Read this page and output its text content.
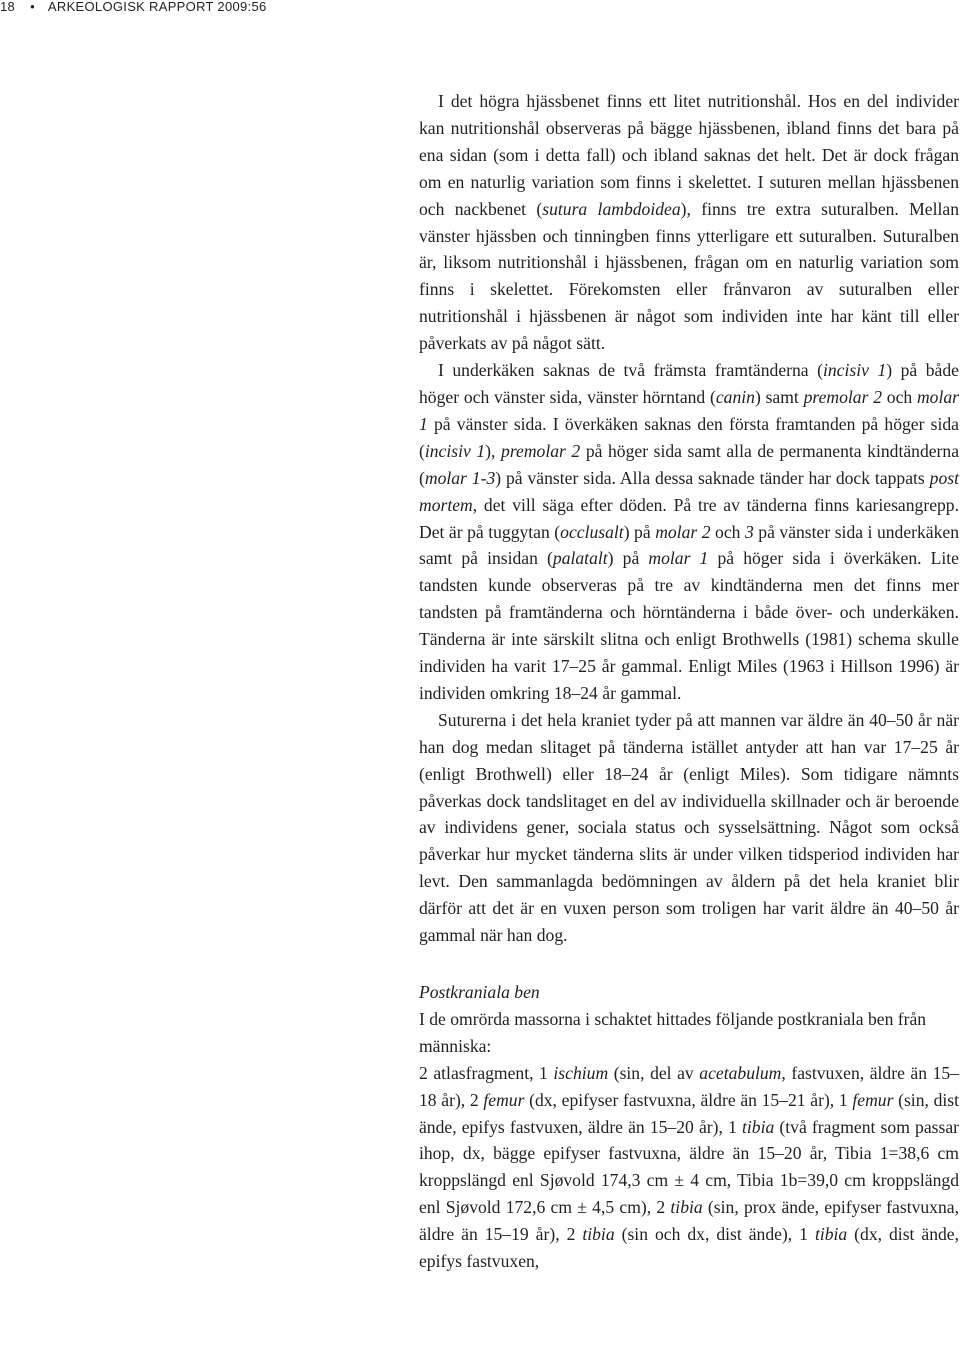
18 • ARKEOLOGISK RAPPORT 2009:56

I det högra hjässbenet finns ett litet nutritionshål. Hos en del individer kan nutritionshål observeras på bägge hjässbenen, ibland finns det bara på ena sidan (som i detta fall) och ibland saknas det helt. Det är dock frågan om en naturlig variation som finns i skelettet. I suturen mellan hjässbenen och nackbenet (sutura lambdoidea), finns tre extra suturalben. Mellan vänster hjässben och tinningben finns ytterligare ett suturalben. Suturalben är, liksom nutritionshål i hjässbenen, frågan om en naturlig variation som finns i skelettet. Förekomsten eller frånvaron av suturalben eller nutritionshål i hjässbenen är något som individen inte har känt till eller påverkats av på något sätt.

I underkäken saknas de två främsta framtänderna (incisiv 1) på både höger och vänster sida, vänster hörntand (canin) samt premolar 2 och molar 1 på vänster sida. I överkäken saknas den första framtanden på höger sida (incisiv 1), premolar 2 på höger sida samt alla de permanenta kindtänderna (molar 1-3) på vänster sida. Alla dessa saknade tänder har dock tappats post mortem, det vill säga efter döden. På tre av tänderna finns kariesangrepp. Det är på tuggytan (occlusalt) på molar 2 och 3 på vänster sida i underkäken samt på insidan (palatalt) på molar 1 på höger sida i överkäken. Lite tandsten kunde observeras på tre av kindtänderna men det finns mer tandsten på framtänderna och hörntänderna i både över- och underkäken. Tänderna är inte särskilt slitna och enligt Brothwells (1981) schema skulle individen ha varit 17–25 år gammal. Enligt Miles (1963 i Hillson 1996) är individen omkring 18–24 år gammal.

Suturerna i det hela kraniet tyder på att mannen var äldre än 40–50 år när han dog medan slitaget på tänderna istället antyder att han var 17–25 år (enligt Brothwell) eller 18–24 år (enligt Miles). Som tidigare nämnts påverkas dock tandslitaget en del av individuella skillnader och är beroende av individens gener, sociala status och sysselsättning. Något som också påverkar hur mycket tänderna slits är under vilken tidsperiod individen har levt. Den sammanlagda bedömningen av åldern på det hela kraniet blir därför att det är en vuxen person som troligen har varit äldre än 40–50 år gammal när han dog.

Postkraniala ben

I de omrörda massorna i schaktet hittades följande postkraniala ben från människa:

2 atlasfragment, 1 ischium (sin, del av acetabulum, fastvuxen, äldre än 15–18 år), 2 femur (dx, epifyser fastvuxna, äldre än 15–21 år), 1 femur (sin, dist ände, epifys fastvuxen, äldre än 15–20 år), 1 tibia (två fragment som passar ihop, dx, bägge epifyser fastvuxna, äldre än 15–20 år, Tibia 1=38,6 cm kroppslängd enl Sjøvold 174,3 cm ± 4 cm, Tibia 1b=39,0 cm kroppslängd enl Sjøvold 172,6 cm ± 4,5 cm), 2 tibia (sin, prox ände, epifyser fastvuxna, äldre än 15–19 år), 2 tibia (sin och dx, dist ände), 1 tibia (dx, dist ände, epifys fastvuxen,
